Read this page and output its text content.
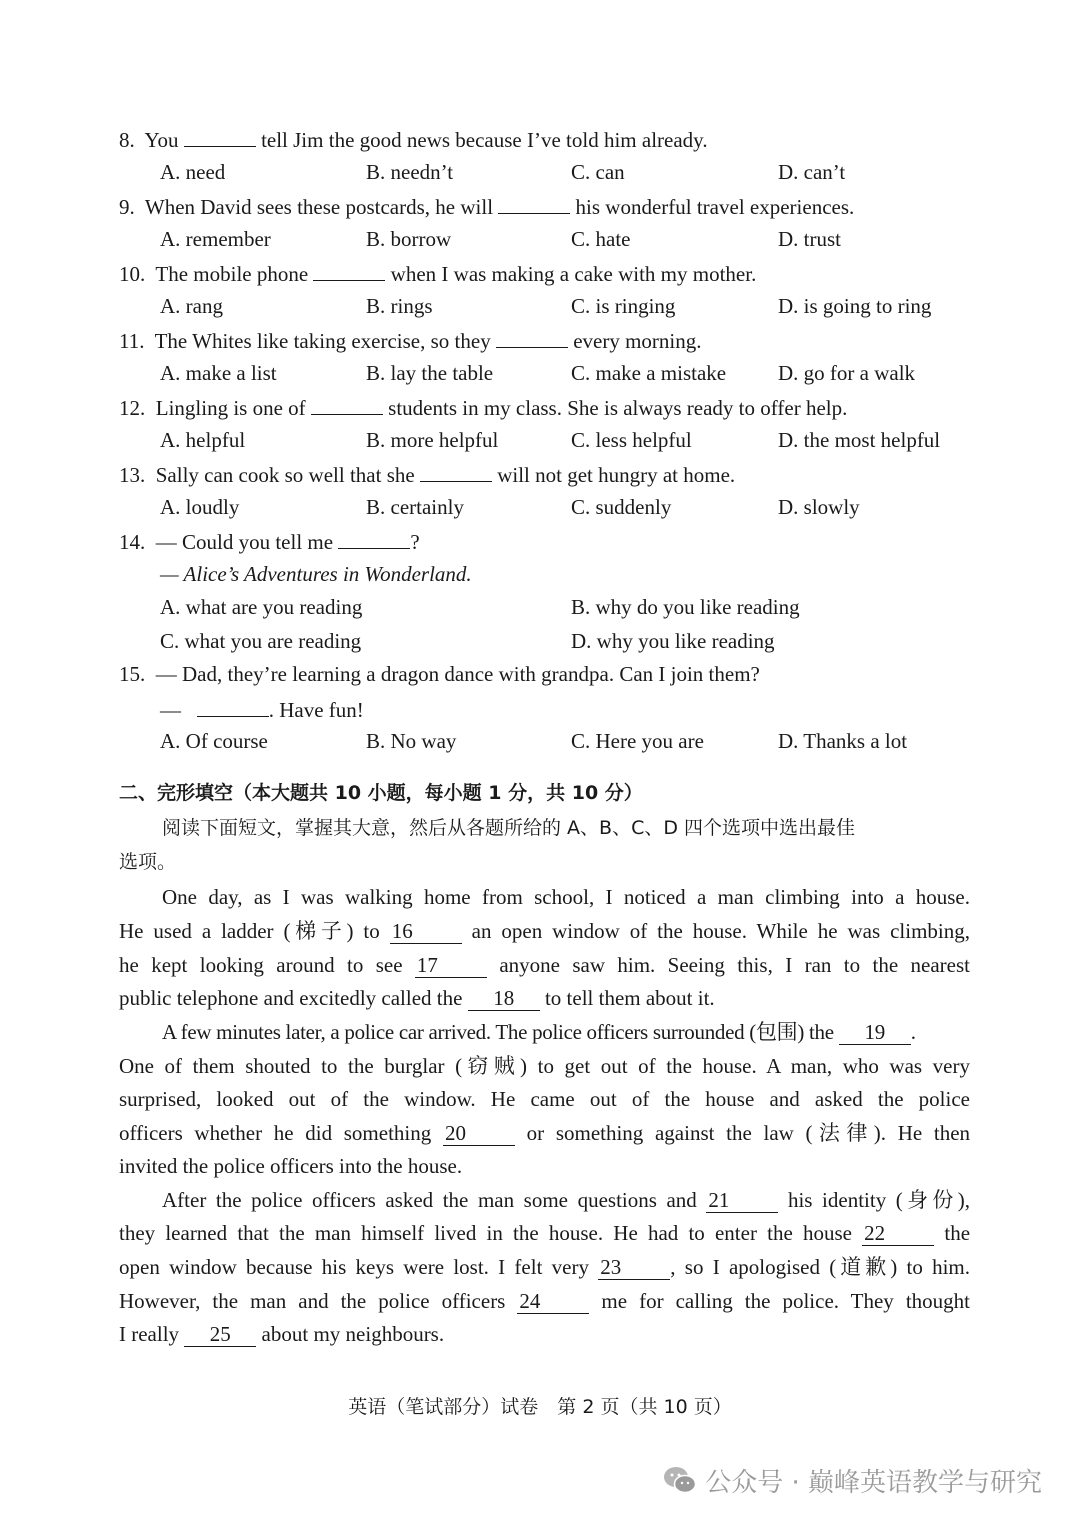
8. You	tell Jim the good news because I’ve told him already.
A. need	B. needn’t	C. can	D. can’t
9. When David sees these postcards, he will	his wonderful travel experiences.
A. remember	B. borrow	C. hate	D. trust
10. The mobile phone	when I was making a cake with my mother.
A. rang	B. rings	C. is ringing	D. is going to ring
11. The Whites like taking exercise, so they	every morning.
A. make a list	B. lay the table	C. make a mistake D. go for a walk
12. Lingling is one of	students in my class. She is always ready to offer help.
A. helpful	B. more helpful	C. less helpful	D. the most helpful
13. Sally can cook so well that she	will not get hungry at home.
A. loudly	B. certainly	C. suddenly	D. slowly
14. — Could you tell me	?
— Alice’s Adventures in Wonderland.
A. what are you reading	B. why do you like reading
C. what you are reading	D. why you like reading
15. — Dad, they’re learning a dragon dance with grandpa. Can I join them?
—	. Have fun!
A. Of course	B. No way	C. Here you are	D. Thanks a lot
二、完形填空（本大题共 10 小题，每小题 1 分，共 10 分）
阅读下面短文，掌握其大意，然后从各题所给的 A、B、C、D 四个选项中选出最佳
选项。
One day, as I was walking home from school, I noticed a man climbing into a house.
He used a ladder (梯子) to 16	an open window of the house. While he was climbing,
he kept looking around to see 17	anyone saw him. Seeing this, I ran to the nearest
public telephone and excitedly called the 18 to tell them about it.
A few minutes later, a police car arrived. The police officers surrounded (包围) the 19 .
One of them shouted to the burglar (窃贼) to get out of the house. A man, who was very
surprised, looked out of the window. He came out of the house and asked the police
officers whether he did something 20	or something against the law (法律). He then
invited the police officers into the house.
After the police officers asked the man some questions and 21	his identity (身份),
they learned that the man himself lived in the house. He had to enter the house 22	the
open window because his keys were lost. I felt very 23 , so I apologised (道歉) to him.
However, the man and the police officers 24	me for calling the police. They thought
I really 25 about my neighbours.
英语（笔试部分）试卷　第 2 页（共 10 页）
公众号 · 巅峰英语教学与研究
